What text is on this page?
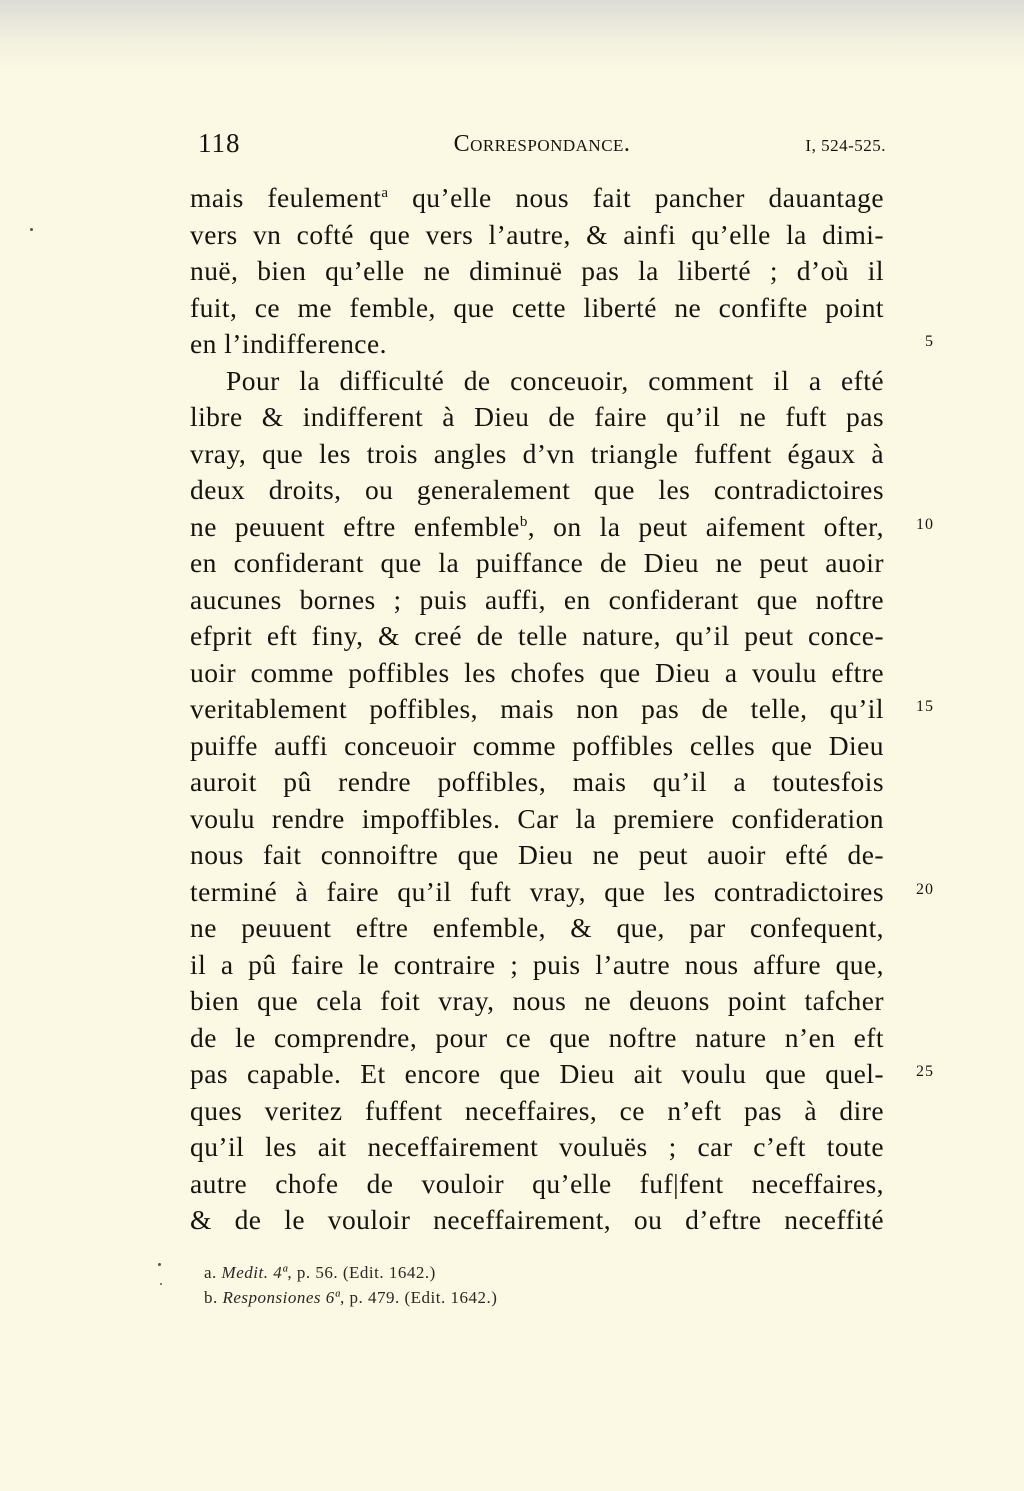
118	Correspondance.	I, 524-525.
mais feulement$^a$ qu’elle nous fait pancher dauantage
vers vn cofté que vers l’autre, & ainfi qu’elle la dimi-
nuë, bien qu’elle ne diminuë pas la liberté ; d’où il
fuit, ce me femble, que cette liberté ne confifte point
en l’indifference.
Pour la difficulté de conceuoir, comment il a efté
libre & indifferent à Dieu de faire qu’il ne fuft pas
vray, que les trois angles d’vn triangle fuffent égaux à
deux droits, ou generalement que les contradictoires
ne peuuent eftre enfemble$^b$, on la peut aifement ofter,
en confiderant que la puiffance de Dieu ne peut auoir
aucunes bornes ; puis auffi, en confiderant que noftre
efprit eft finy, & creé de telle nature, qu’il peut conce-
uoir comme poffibles les chofes que Dieu a voulu eftre
veritablement poffibles, mais non pas de telle, qu’il
puiffe auffi conceuoir comme poffibles celles que Dieu
auroit pû rendre poffibles, mais qu’il a toutesfois
voulu rendre impoffibles. Car la premiere confideration
nous fait connoiftre que Dieu ne peut auoir efté de-
terminé à faire qu’il fuft vray, que les contradictoires
ne peuuent eftre enfemble, & que, par confequent,
il a pû faire le contraire ; puis l’autre nous affure que,
bien que cela foit vray, nous ne deuons point tafcher
de le comprendre, pour ce que noftre nature n’en eft
pas capable. Et encore que Dieu ait voulu que quel-
ques veritez fuffent neceffaires, ce n’eft pas à dire
qu’il les ait neceffairement vouluës ; car c’eft toute
autre chofe de vouloir qu’elle fuf|fent neceffaires,
& de le vouloir neceffairement, ou d’eftre neceffité
5
10
15
20
25
a. Medit. 4ª, p. 56. (Edit. 1642.)
b. Responsiones 6ª, p. 479. (Edit. 1642.)
